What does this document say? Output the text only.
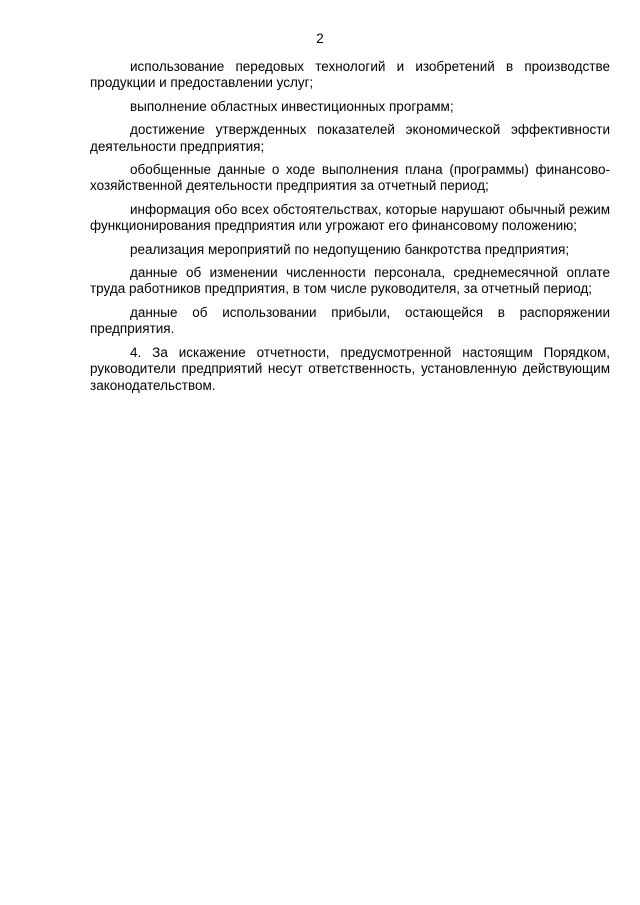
2

использование передовых технологий и изобретений в производстве продукции и предоставлении услуг;

выполнение областных инвестиционных программ;

достижение утвержденных показателей экономической эффективности деятельности предприятия;

обобщенные данные о ходе выполнения плана (программы) финансово-хозяйственной деятельности предприятия за отчетный период;

информация обо всех обстоятельствах, которые нарушают обычный режим функционирования предприятия или угрожают его финансовому положению;

реализация мероприятий по недопущению банкротства предприятия;

данные об изменении численности персонала, среднемесячной оплате труда работников предприятия, в том числе руководителя, за отчетный период;

данные об использовании прибыли, остающейся в распоряжении предприятия.

4. За искажение отчетности, предусмотренной настоящим Порядком, руководители предприятий несут ответственность, установленную действующим законодательством.
